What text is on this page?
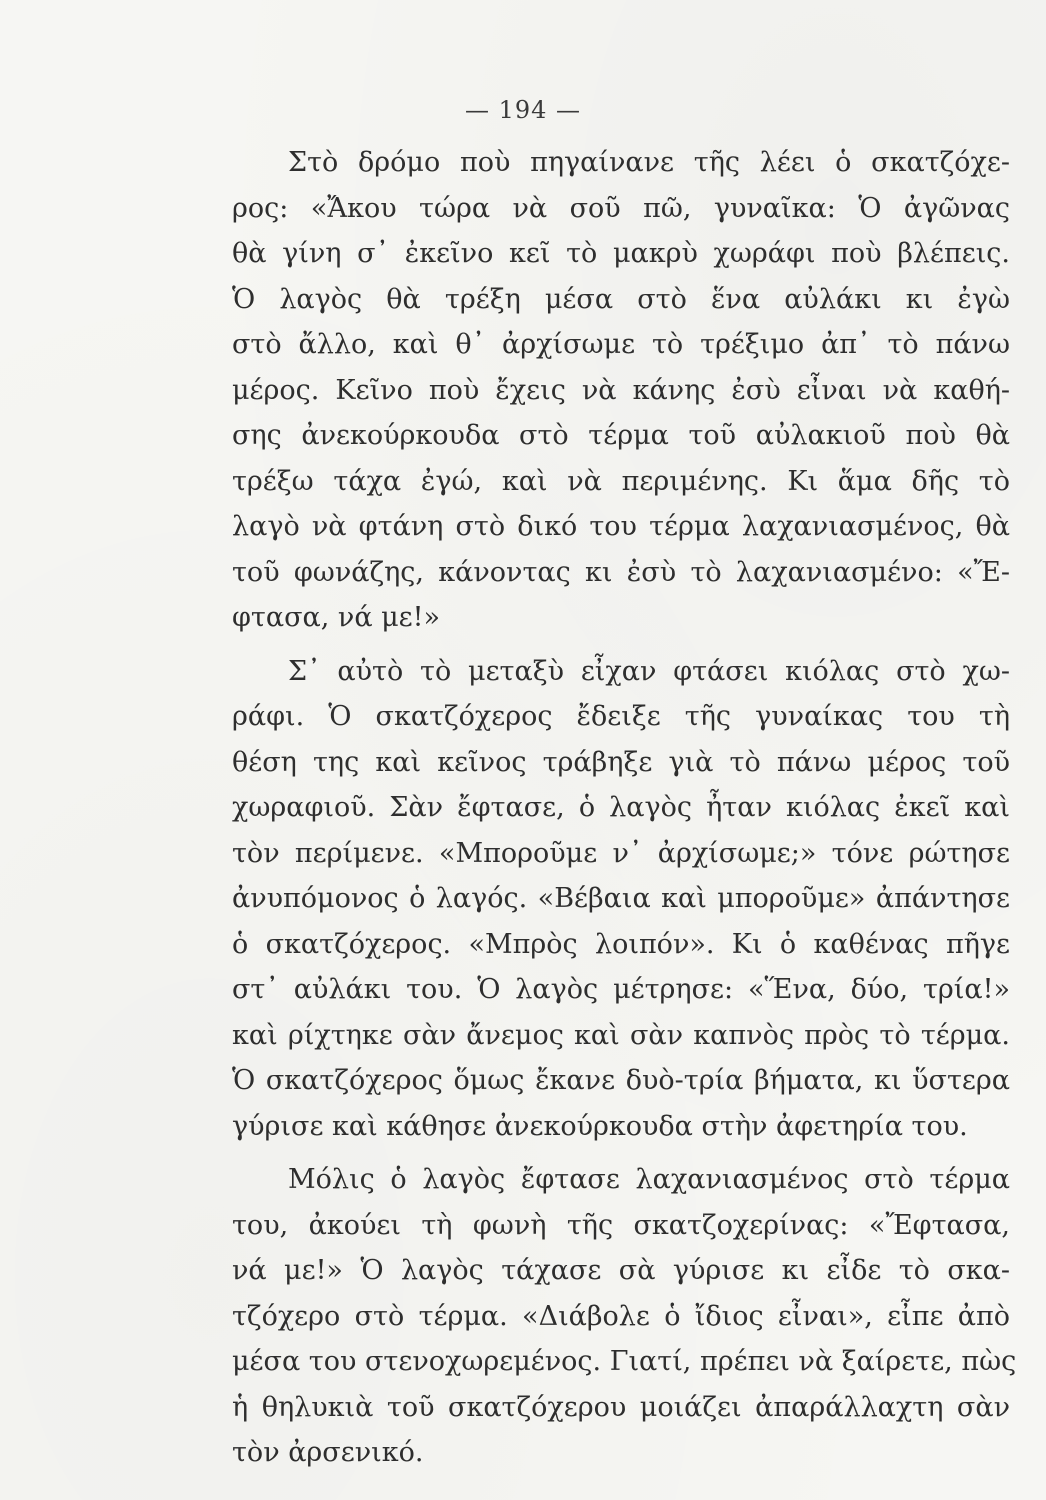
— 194 —
Στὸ δρόμο ποὺ πηγαίνανε τῆς λέει ὁ σκατζόχε-
ρος: «Ἄκου τώρα νὰ σοῦ πῶ, γυναῖκα: Ὁ ἀγῶνας
θὰ γίνη σ᾿ ἐκεῖνο κεῖ τὸ μακρὺ χωράφι ποὺ βλέπεις.
Ὁ λαγὸς θὰ τρέξη μέσα στὸ ἕνα αὐλάκι κι ἐγὼ
στὸ ἄλλο, καὶ θ᾿ ἀρχίσωμε τὸ τρέξιμο ἀπ᾿ τὸ πάνω
μέρος. Κεῖνο ποὺ ἔχεις νὰ κάνης ἐσὺ εἶναι νὰ καθή-
σης ἀνεκούρκουδα στὸ τέρμα τοῦ αὐλακιοῦ ποὺ θὰ
τρέξω τάχα ἐγώ, καὶ νὰ περιμένης. Κι ἅμα δῆς τὸ
λαγὸ νὰ φτάνη στὸ δικό του τέρμα λαχανιασμένος, θὰ
τοῦ φωνάζης, κάνοντας κι ἐσὺ τὸ λαχανιασμένο: «Ἔ-
φτασα, νά με!»
Σ᾿ αὐτὸ τὸ μεταξὺ εἶχαν φτάσει κιόλας στὸ χω-
ράφι. Ὁ σκατζόχερος ἔδειξε τῆς γυναίκας του τὴ
θέση της καὶ κεῖνος τράβηξε γιὰ τὸ πάνω μέρος τοῦ
χωραφιοῦ. Σὰν ἔφτασε, ὁ λαγὸς ἦταν κιόλας ἐκεῖ καὶ
τὸν περίμενε. «Μποροῦμε ν᾿ ἀρχίσωμε;» τόνε ρώτησε
ἀνυπόμονος ὁ λαγός. «Βέβαια καὶ μποροῦμε» ἀπάντησε
ὁ σκατζόχερος. «Μπρὸς λοιπόν». Κι ὁ καθένας πῆγε
στ᾿ αὐλάκι του. Ὁ λαγὸς μέτρησε: «Ἕνα, δύο, τρία!»
καὶ ρίχτηκε σὰν ἄνεμος καὶ σὰν καπνὸς πρὸς τὸ τέρμα.
Ὁ σκατζόχερος ὅμως ἔκανε δυὸ-τρία βήματα, κι ὕστερα
γύρισε καὶ κάθησε ἀνεκούρκουδα στὴν ἀφετηρία του.
Μόλις ὁ λαγὸς ἔφτασε λαχανιασμένος στὸ τέρμα
του, ἀκούει τὴ φωνὴ τῆς σκατζοχερίνας: «Ἔφτασα,
νά με!» Ὁ λαγὸς τάχασε σὰ γύρισε κι εἶδε τὸ σκα-
τζόχερο στὸ τέρμα. «Διάβολε ὁ ἴδιος εἶναι», εἶπε ἀπὸ
μέσα του στενοχωρεμένος. Γιατί, πρέπει νὰ ξαίρετε, πὼς
ἡ θηλυκιὰ τοῦ σκατζόχερου μοιάζει ἀπαράλλαχτη σὰν
τὸν ἀρσενικό.
